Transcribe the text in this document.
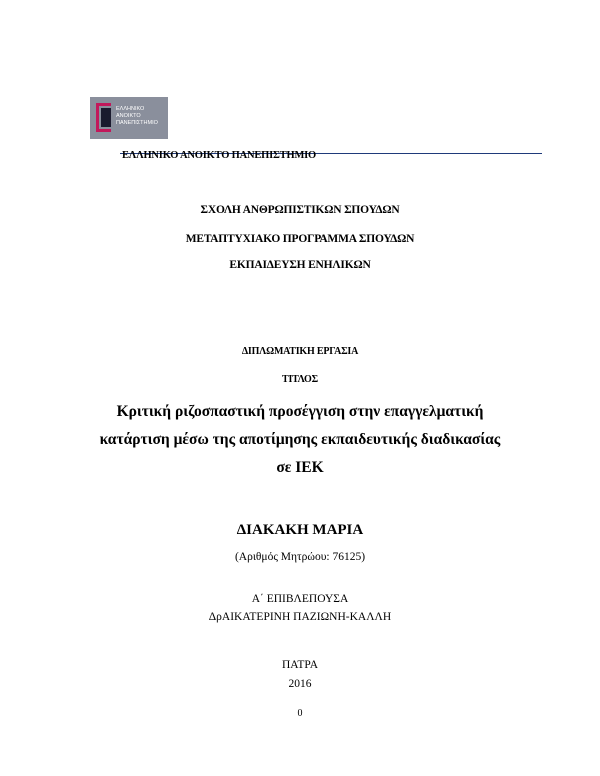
ΕΛΛΗΝΙΚΟ
ΑΝΟΙΚΤΟ
ΠΑΝΕΠΙΣΤΗΜΙΟ
ΕΛΛΗΝΙΚΟ ΑΝΟΙΚΤΟ ΠΑΝΕΠΙΣΤΗΜΙΟ
ΣΧΟΛΗ ΑΝΘΡΩΠΙΣΤΙΚΩΝ ΣΠΟΥΔΩΝ
ΜΕΤΑΠΤΥΧΙΑΚΟ ΠΡΟΓΡΑΜΜΑ ΣΠΟΥΔΩΝ
ΕΚΠΑΙΔΕΥΣΗ ΕΝΗΛΙΚΩΝ
ΔΙΠΛΩΜΑΤΙΚΗ ΕΡΓΑΣΙΑ
ΤΙΤΛΟΣ
Κριτική ριζοσπαστική προσέγγιση στην επαγγελματική
κατάρτιση μέσω της αποτίμησης εκπαιδευτικής διαδικασίας
σε ΙΕΚ
ΔΙΑΚΑΚΗ ΜΑΡΙΑ
(Αριθμός Μητρώου: 76125)
Α΄ ΕΠΙΒΛΕΠΟΥΣΑ
ΔρΑΙΚΑΤΕΡΙΝΗ ΠΑΖΙΩΝΗ-ΚΑΛΛΗ
ΠΑΤΡΑ
2016
0
